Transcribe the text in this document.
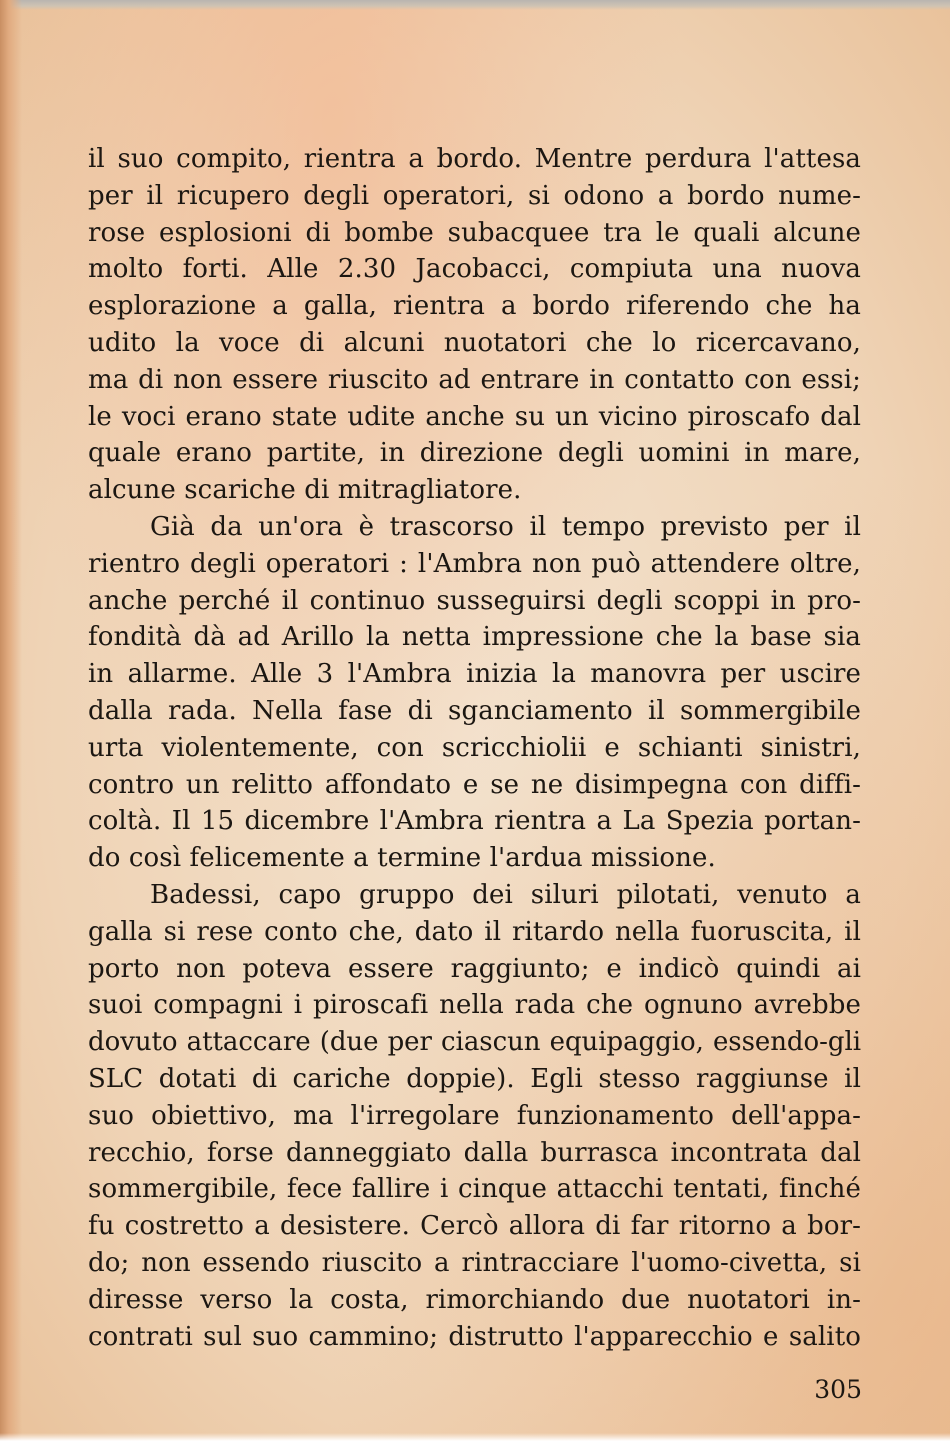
il suo compito, rientra a bordo. Mentre perdura l'attesa
per il ricupero degli operatori, si odono a bordo nume-
rose esplosioni di bombe subacquee tra le quali alcune
molto forti. Alle 2.30 Jacobacci, compiuta una nuova
esplorazione a galla, rientra a bordo riferendo che ha
udito la voce di alcuni nuotatori che lo ricercavano,
ma di non essere riuscito ad entrare in contatto con essi;
le voci erano state udite anche su un vicino piroscafo dal
quale erano partite, in direzione degli uomini in mare,
alcune scariche di mitragliatore.
Già da un'ora è trascorso il tempo previsto per il
rientro degli operatori : l'Ambra non può attendere oltre,
anche perché il continuo susseguirsi degli scoppi in pro-
fondità dà ad Arillo la netta impressione che la base sia
in allarme. Alle 3 l'Ambra inizia la manovra per uscire
dalla rada. Nella fase di sganciamento il sommergibile
urta violentemente, con scricchiolii e schianti sinistri,
contro un relitto affondato e se ne disimpegna con diffi-
coltà. Il 15 dicembre l'Ambra rientra a La Spezia portan-
do così felicemente a termine l'ardua missione.
Badessi, capo gruppo dei siluri pilotati, venuto a
galla si rese conto che, dato il ritardo nella fuoruscita, il
porto non poteva essere raggiunto; e indicò quindi ai
suoi compagni i piroscafi nella rada che ognuno avrebbe
dovuto attaccare (due per ciascun equipaggio, essendo-gli
SLC dotati di cariche doppie). Egli stesso raggiunse il
suo obiettivo, ma l'irregolare funzionamento dell'appa-
recchio, forse danneggiato dalla burrasca incontrata dal
sommergibile, fece fallire i cinque attacchi tentati, finché
fu costretto a desistere. Cercò allora di far ritorno a bor-
do; non essendo riuscito a rintracciare l'uomo-civetta, si
diresse verso la costa, rimorchiando due nuotatori in-
contrati sul suo cammino; distrutto l'apparecchio e salito
305
